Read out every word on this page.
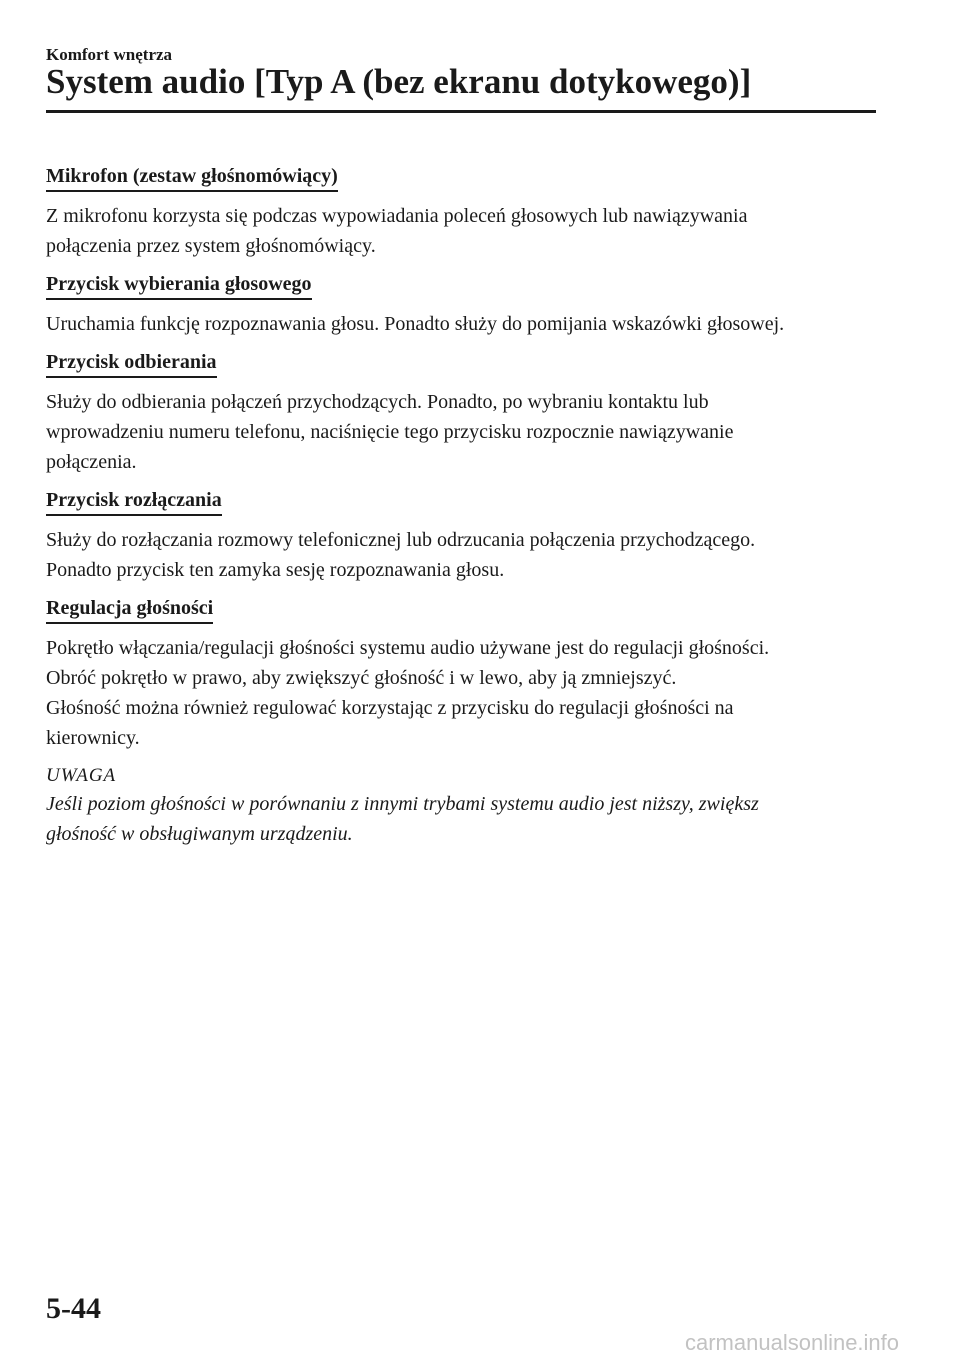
Komfort wnętrza
System audio [Typ A (bez ekranu dotykowego)]
Mikrofon (zestaw głośnomówiący)
Z mikrofonu korzysta się podczas wypowiadania poleceń głosowych lub nawiązywania
połączenia przez system głośnomówiący.
Przycisk wybierania głosowego
Uruchamia funkcję rozpoznawania głosu. Ponadto służy do pomijania wskazówki głosowej.
Przycisk odbierania
Służy do odbierania połączeń przychodzących. Ponadto, po wybraniu kontaktu lub
wprowadzeniu numeru telefonu, naciśnięcie tego przycisku rozpocznie nawiązywanie
połączenia.
Przycisk rozłączania
Służy do rozłączania rozmowy telefonicznej lub odrzucania połączenia przychodzącego.
Ponadto przycisk ten zamyka sesję rozpoznawania głosu.
Regulacja głośności
Pokrętło włączania/regulacji głośności systemu audio używane jest do regulacji głośności.
Obróć pokrętło w prawo, aby zwiększyć głośność i w lewo, aby ją zmniejszyć.
Głośność można również regulować korzystając z przycisku do regulacji głośności na
kierownicy.
UWAGA
Jeśli poziom głośności w porównaniu z innymi trybami systemu audio jest niższy, zwiększ
głośność w obsługiwanym urządzeniu.
5-44
carmanualsonline.info
